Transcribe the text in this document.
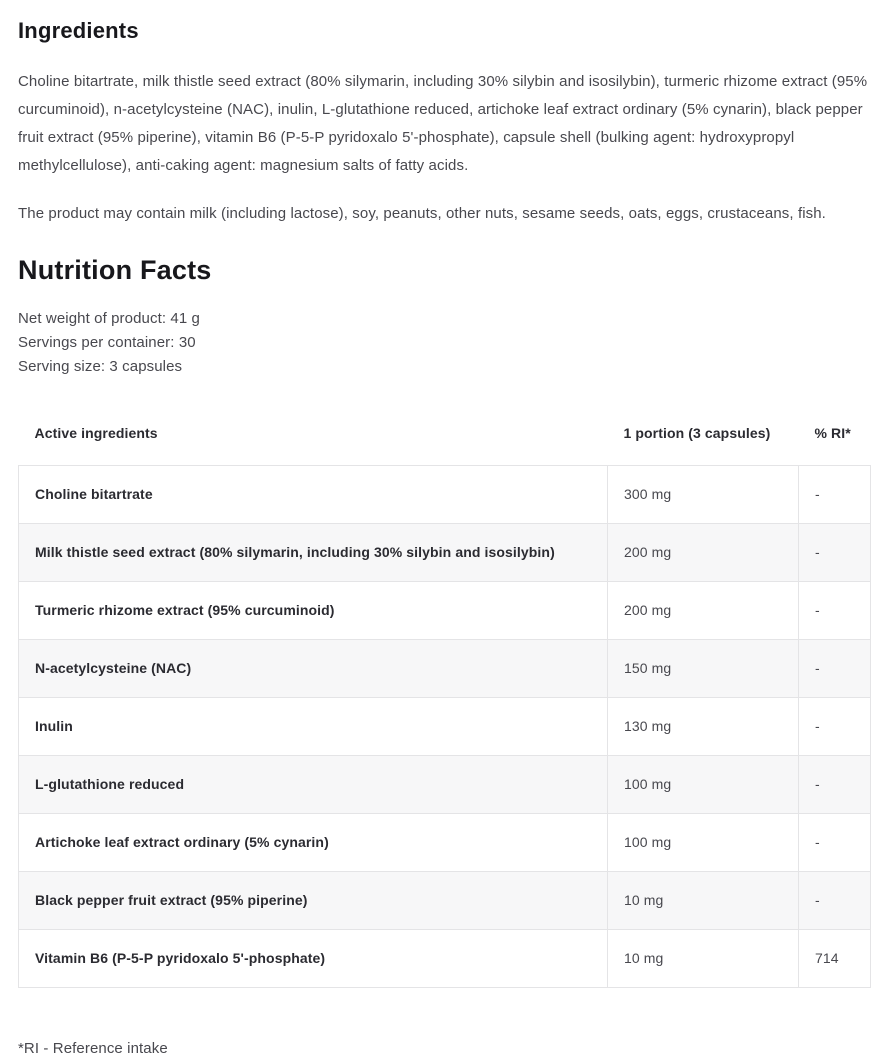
Ingredients

Choline bitartrate, milk thistle seed extract (80% silymarin, including 30% silybin and isosilybin), turmeric rhizome extract (95% curcuminoid), n-acetylcysteine (NAC), inulin, L-glutathione reduced, artichoke leaf extract ordinary (5% cynarin), black pepper fruit extract (95% piperine), vitamin B6 (P-5-P pyridoxalo 5'-phosphate), capsule shell (bulking agent: hydroxypropyl methylcellulose), anti-caking agent: magnesium salts of fatty acids.

The product may contain milk (including lactose), soy, peanuts, other nuts, sesame seeds, oats, eggs, crustaceans, fish.

Nutrition Facts

Net weight of product: 41 g

Servings per container: 30

Serving size: 3 capsules

Active ingredients	1 portion (3 capsules)	% RI*
Choline bitartrate	300 mg	-
Milk thistle seed extract (80% silymarin, including 30% silybin and isosilybin)	200 mg	-
Turmeric rhizome extract (95% curcuminoid)	200 mg	-
N-acetylcysteine (NAC)	150 mg	-
Inulin	130 mg	-
L-glutathione reduced	100 mg	-
Artichoke leaf extract ordinary (5% cynarin)	100 mg	-
Black pepper fruit extract (95% piperine)	10 mg	-
Vitamin B6 (P-5-P pyridoxalo 5'-phosphate)	10 mg	714

*RI - Reference intake
